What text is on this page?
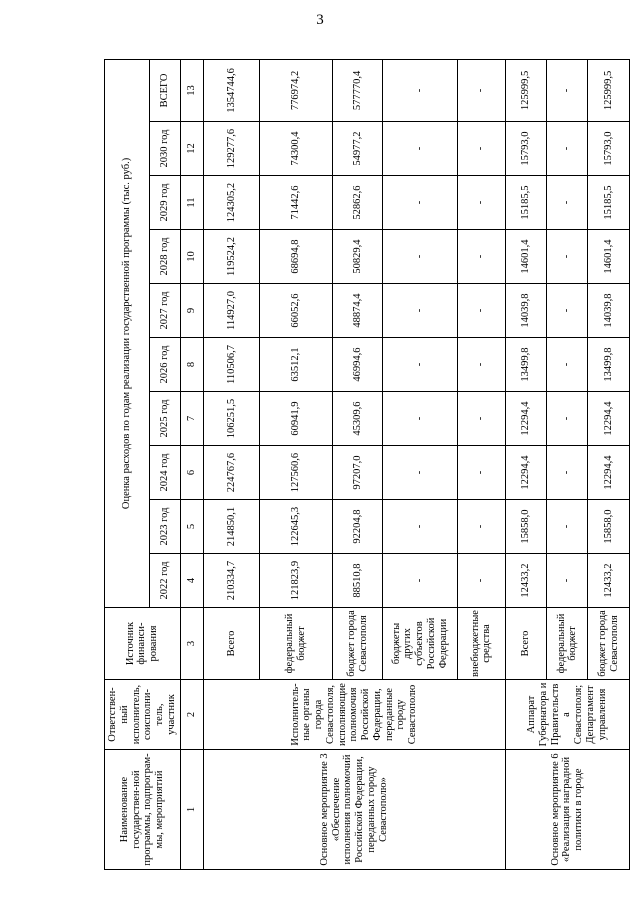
3
Наименование государствен-ной программы, подпрограм-мы, мероприятий	Ответствен-ный исполнитель, соисполни-тель, участник	Источник финанси-рования	Оценка расходов по годам реализации государственной программы (тыс. руб.)									
			2022 год	2023 год	2024 год	2025 год	2026 год	2027 год	2028 год	2029 год	2030 год	ВСЕГО
1	2	3	4	5	6	7	8	9	10	11	12	13
Основное мероприятие 3 «Обеспечение исполнения полномочий Российской Федерации, переданных городу Севастополю»	Исполнитель-ные органы города Севастополя, исполняющие полномочия Российской Федерации, переданные городу Севастополю	Всего	210334,7	214850,1	224767,6	106251,5	110506,7	114927,0	119524,2	124305,2	129277,6	1354744,6
		федеральный бюджет	121823,9	122645,3	127560,6	60941,9	63512,1	66052,6	68694,8	71442,6	74300,4	776974,2
		бюджет города Севастополя	88510,8	92204,8	97207,0	45309,6	46994,6	48874,4	50829,4	52862,6	54977,2	577770,4
		бюджеты других субъектов Российской Федерации	-	-	-	-	-	-	-	-	-	-
		внебюджетные средства	-	-	-	-	-	-	-	-	-	-
Основное мероприятие 6 «Реализация наградной политики в городе	Аппарат Губернатора и Правительства Севастополя; Департамент управления	Всего	12433,2	15858,0	12294,4	12294,4	13499,8	14039,8	14601,4	15185,5	15793,0	125999,5
		федеральный бюджет	-	-	-	-	-	-	-	-	-	-
		бюджет города Севастополя	12433,2	15858,0	12294,4	12294,4	13499,8	14039,8	14601,4	15185,5	15793,0	125999,5
